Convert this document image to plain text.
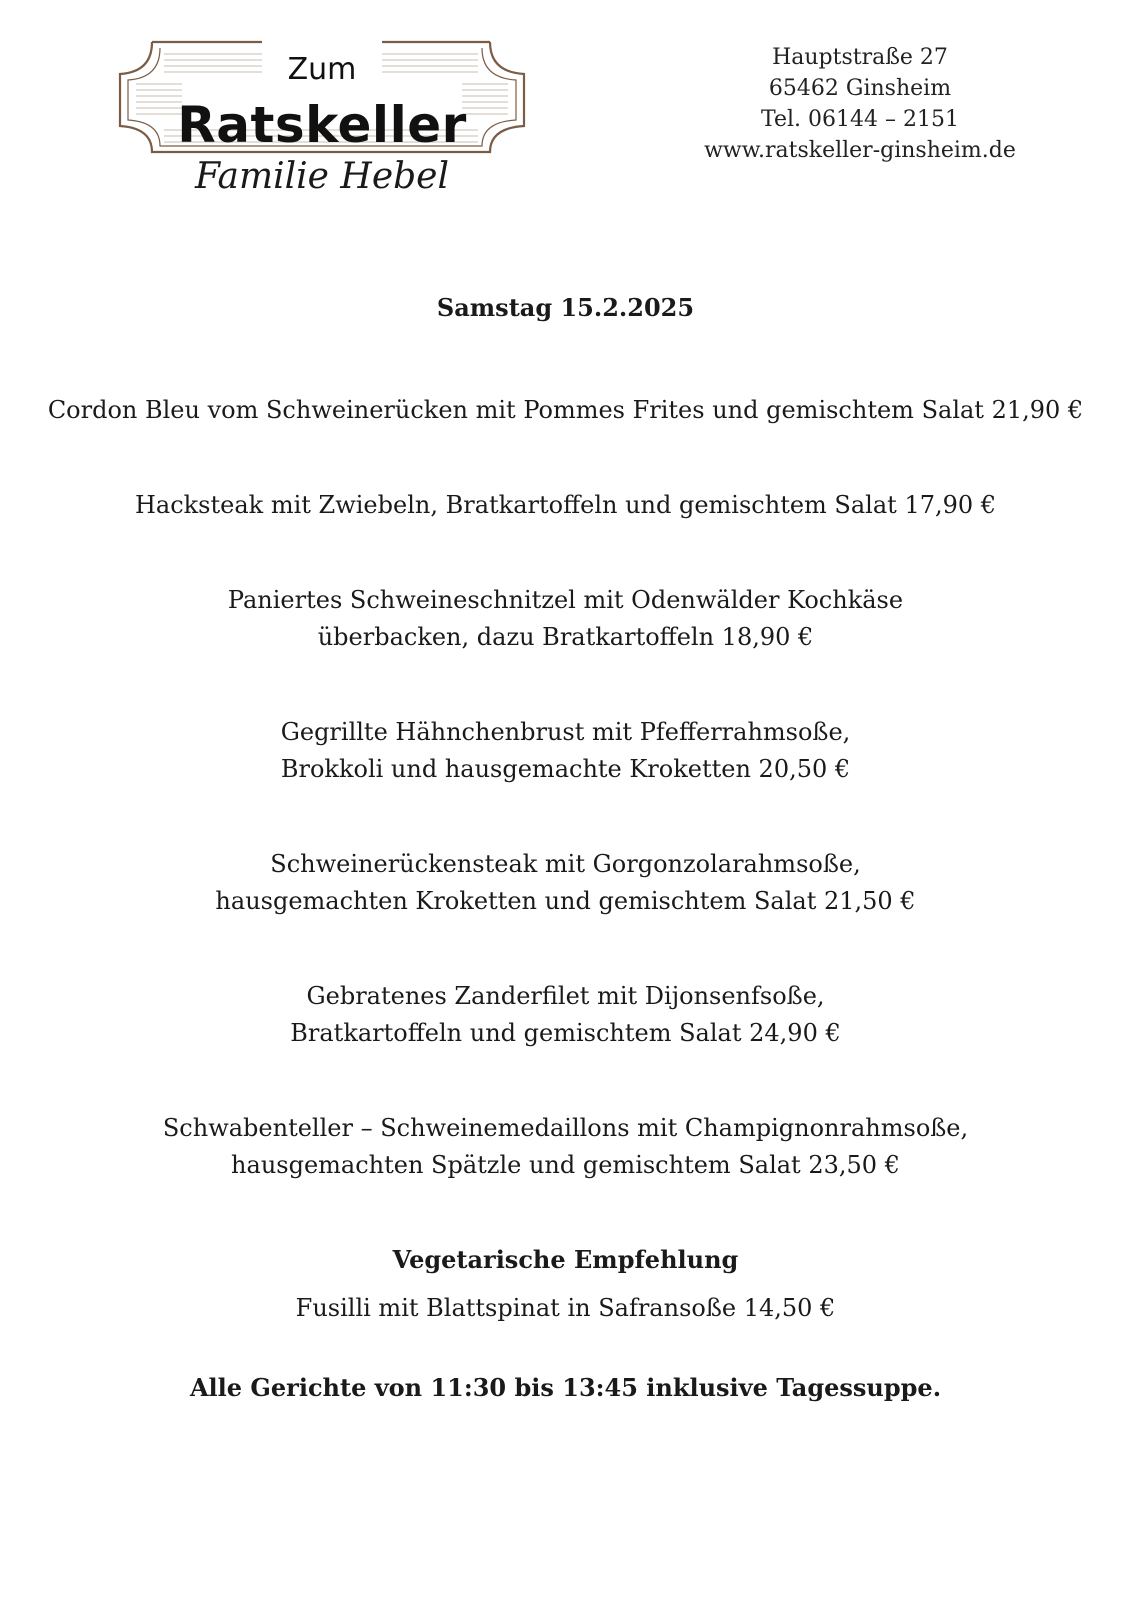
Zum
Ratskeller
Familie Hebel
Hauptstraße 27
65462 Ginsheim
Tel. 06144 – 2151
www.ratskeller-ginsheim.de
Samstag 15.2.2025
Cordon Bleu vom Schweinerücken mit Pommes Frites und gemischtem Salat 21,90 €
Hacksteak mit Zwiebeln, Bratkartoffeln und gemischtem Salat 17,90 €
Paniertes Schweineschnitzel mit Odenwälder Kochkäse
überbacken, dazu Bratkartoffeln 18,90 €
Gegrillte Hähnchenbrust mit Pfefferrahmsoße,
Brokkoli und hausgemachte Kroketten 20,50 €
Schweinerückensteak mit Gorgonzolarahmsoße,
hausgemachten Kroketten und gemischtem Salat 21,50 €
Gebratenes Zanderfilet mit Dijonsenfsoße,
Bratkartoffeln und gemischtem Salat 24,90 €
Schwabenteller – Schweinemedaillons mit Champignonrahmsoße,
hausgemachten Spätzle und gemischtem Salat 23,50 €
Vegetarische Empfehlung
Fusilli mit Blattspinat in Safransoße 14,50 €
Alle Gerichte von 11:30 bis 13:45 inklusive Tagessuppe.
